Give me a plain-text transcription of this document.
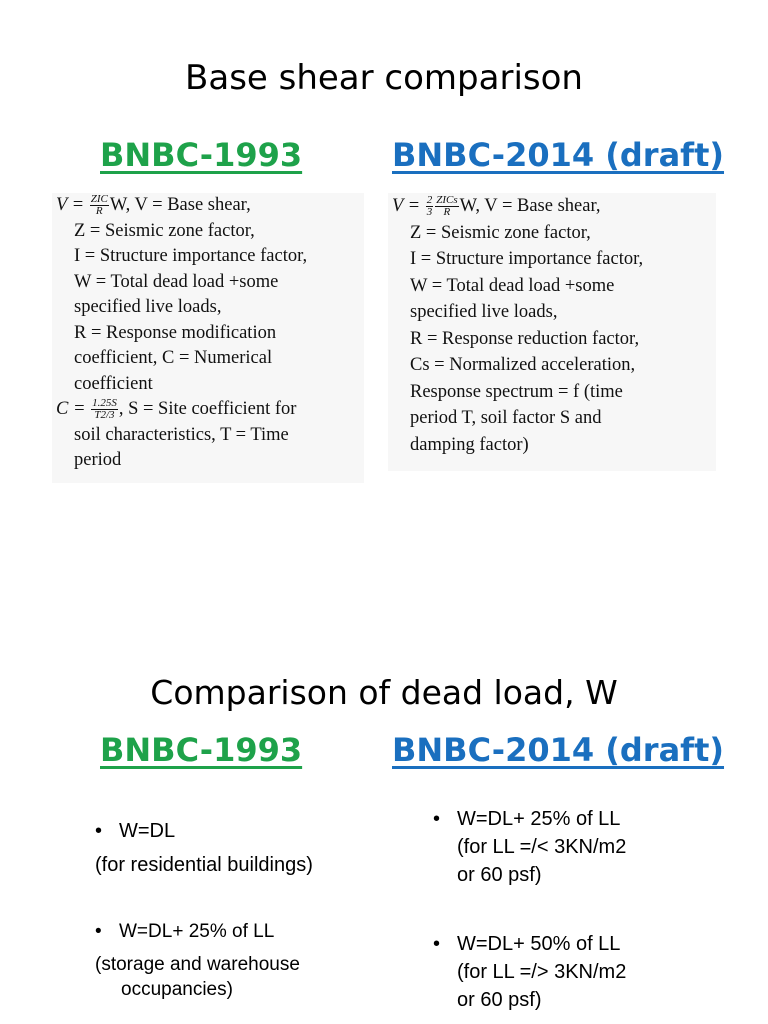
Base shear comparison
BNBC-1993	BNBC-2014 (draft)
$V = \frac{\text{ZIC}}{R} W$, V = Base shear,
Z = Seismic zone factor,
I = Structure importance factor,
W = Total dead load +some
specified live loads,
R = Response modification
coefficient, C = Numerical
coefficient
$C = \frac{1.25S}{T2/3}$ , S = Site coefficient for
soil characteristics, T = Time
period
$V = \frac{2}{3} \frac{\text{ZICs}}{R} W$, V = Base shear,
Z = Seismic zone factor,
I = Structure importance factor,
W = Total dead load +some
specified live loads,
R = Response reduction factor,
Cs = Normalized acceleration,
Response spectrum = f (time
period T, soil factor S and
damping factor)
Comparison of dead load, W
BNBC-1993	BNBC-2014 (draft)
• W=DL
(for residential buildings)
• W=DL+ 25% of LL
(storage and warehouse
occupancies)
• W=DL+ 25% of LL
(for LL =/< 3KN/m2
or 60 psf)
• W=DL+ 50% of LL
(for LL =/> 3KN/m2
or 60 psf)
